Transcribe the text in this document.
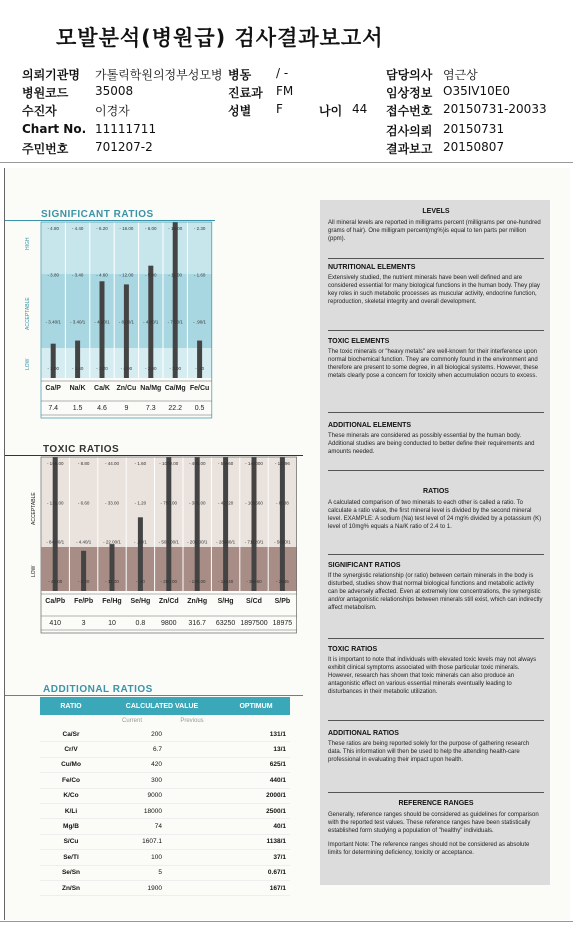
모발분석(병원급) 검사결과보고서
의뢰기관명 가톨릭학원의정부성모병 병동 / -	담당의사 염근상
병원코드 35008	진료과 FM	임상정보 O35IV10E0
수진자	이경자	성별 F	나이 44 접수번호 20150731-20033
Chart No. 11111711	검사의뢰 20150731
주민번호 701207-2	결과보고 20150807
SIGNIFICANT RATIOS
- 4.80
- 3.80
- 3.40/1
- 1.00
Ca/P
7.4
- 4.40
- 3.40
- 3.40/1
- 1.40
Na/K
1.5
- 6.20
- 4.60
- 4.20/1
- 2.20
Ca/K
4.6
- 16.00
- 12.00
- 8.00/1
- 4.00
Zn/Cu
9
- 6.00
- 5.00
- 4.00/1
- 2.00
Na/Mg
7.3
- 15.00
- 11.00
- 7.00/1
- 3.00
Ca/Mg
22.2
- 2.30
- 1.60
- .90/1
- .20
Fe/Cu
0.5
LOW
ACCEPTABLE
HIGH
TOXIC RATIOS
- 168.00
- 126.00
- 84.00/1
- 42.00
Ca/Pb
410
- 8.80
- 6.60
- 4.40/1
- 2.20
Fe/Pb
3
- 44.00
- 33.00
- 22.00/1
- 11.00
Fe/Hg
10
- 1.60
- 1.20
- .80/1
- .40
Se/Hg
0.8
- 1000.00
- 750.00
- 500.00/1
- 250.00
Zn/Cd
9800
- 400.00
- 300.00
- 200.00/1
- 100.00
Zn/Hg
316.7
- 56960
- 42720
- 28480/1
- 14240
S/Hg
63250
- 142000
- 106560
- 71120/1
- 35560
S/Cd
1897500
- 11396
- 8538
- 5690/1
- 2846
S/Pb
18975
LOW
ACCEPTABLE
ADDITIONAL RATIOS
RATIO	CALCULATED VALUE	OPTIMUM
Current	Previous
Ca/Sr	200	131/1
Cr/V	6.7	13/1
Cu/Mo	420	625/1
Fe/Co	300	440/1
K/Co	9000	2000/1
K/Li	18000	2500/1
Mg/B	74	40/1
S/Cu	1607.1	1138/1
Se/Tl	100	37/1
Se/Sn	5	0.67/1
Zn/Sn	1900	167/1
LEVELS

All mineral levels are reported in milligrams percent (milligrams per one-hundred grams of hair). One milligram percent(mg%)is equal to ten parts per million (ppm).

NUTRITIONAL ELEMENTS

Extensively studied, the nutrient minerals have been well defined and are considered essential for many biological functions in the human body. They play key roles in such metabolic processes as muscular activity, endocrine function, reproduction, skeletal integrity and overall development.

TOXIC ELEMENTS

The toxic minerals or "heavy metals" are well-known for their interference upon normal biochemical function. They are commonly found in the environment and therefore are present to some degree, in all biological systems. However, these metals clearly pose a concern for toxicity when accumulation occurs to excess.

ADDITIONAL ELEMENTS

These minerals are considered as possibly essential by the human body. Additional studies are being conducted to better define their requirements and amounts needed.

RATIOS

A calculated comparison of two minerals to each other is called a ratio. To calculate a ratio value, the first mineral level is divided by the second mineral level. EXAMPLE: A sodium (Na) test level of 24 mg% divided by a potassium (K) level of 10mg% equals a Na/K ratio of 2.4 to 1.

SIGNIFICANT RATIOS

If the synergistic relationship (or ratio) between certain minerals in the body is disturbed, studies show that normal biological functions and metabolic activity can be adversely affected. Even at extremely low concentrations, the synergistic and/or antagonistic relationships between minerals still exist, which can indirectly affect metabolism.

TOXIC RATIOS

It is important to note that individuals with elevated toxic levels may not always exhibit clinical symptoms associated with those particular toxic minerals. However, research has shown that toxic minerals can also produce an antagonistic effect on various essential minerals eventually leading to disturbances in their metabolic utilization.

ADDITIONAL RATIOS

These ratios are being reported solely for the purpose of gathering research data. This information will then be used to help the attending health-care professional in evaluating their impact upon health.

REFERENCE RANGES

Generally, reference ranges should be considered as guidelines for comparison with the reported test values. These reference ranges have been statistically established form studying a population of "healthy" individuals.

Important Note: The reference ranges should not be considered as absolute limits for determining deficiency, toxicity or acceptance.
